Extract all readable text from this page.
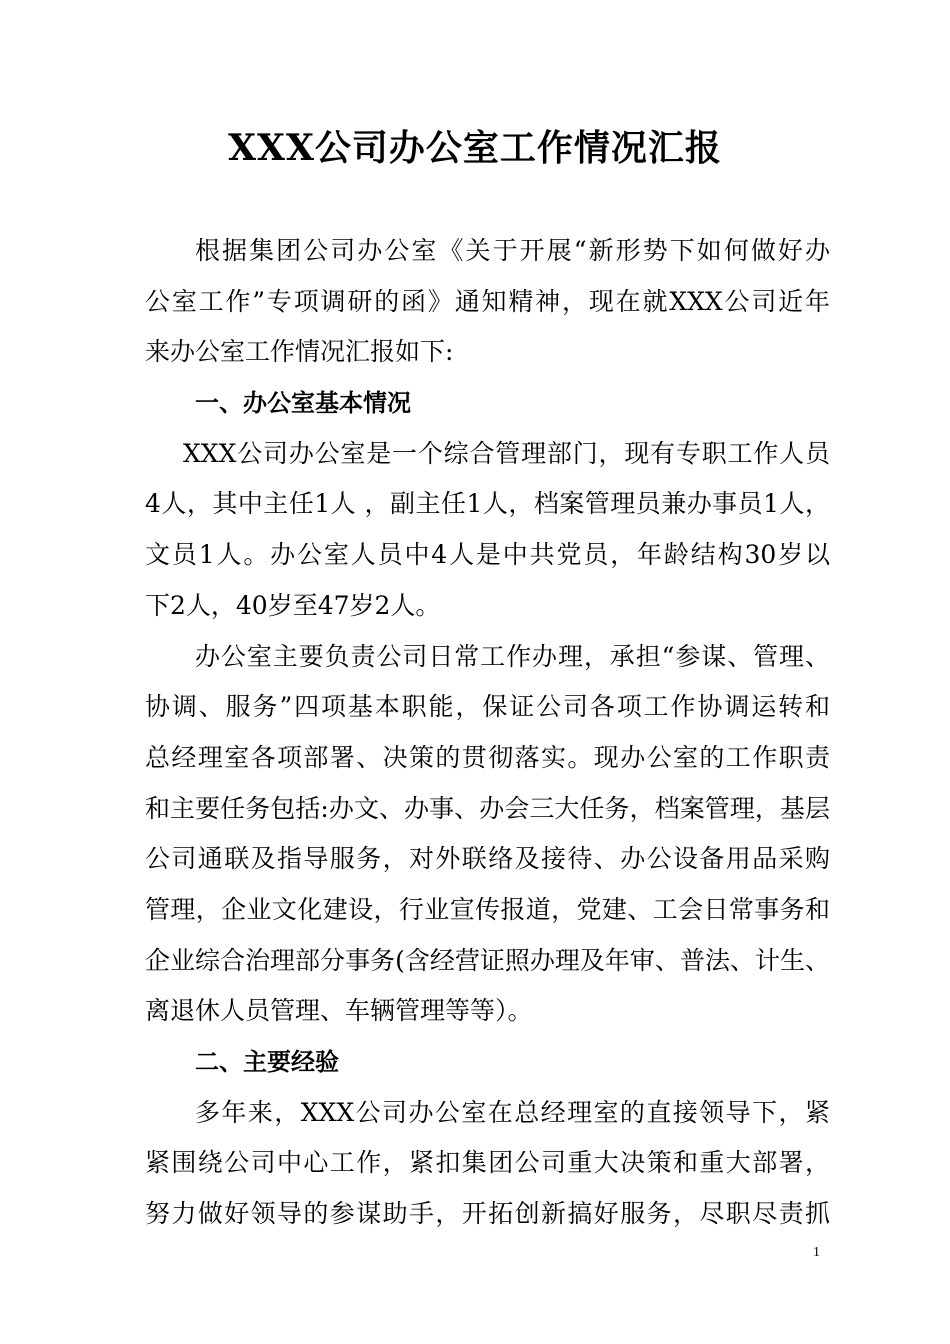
XXX公司办公室工作情况汇报
根据集团公司办公室《关于开展“新形势下如何做好办
公室工作”专项调研的函》通知精神，现在就XXX公司近年
来办公室工作情况汇报如下:
一、办公室基本情况
XXX公司办公室是一个综合管理部门，现有专职工作人员
4人，其中主任1人 ，副主任1人，档案管理员兼办事员1人，
文员1人。办公室人员中4人是中共党员，年龄结构30岁以
下2人，40岁至47岁2人。
办公室主要负责公司日常工作办理，承担“参谋、管理、
协调、服务”四项基本职能，保证公司各项工作协调运转和
总经理室各项部署、决策的贯彻落实。现办公室的工作职责
和主要任务包括:办文、办事、办会三大任务，档案管理，基层
公司通联及指导服务，对外联络及接待、办公设备用品采购
管理，企业文化建设，行业宣传报道，党建、工会日常事务和
企业综合治理部分事务(含经营证照办理及年审、普法、计生、
离退休人员管理、车辆管理等等）。
二、主要经验
多年来，XXX公司办公室在总经理室的直接领导下，紧
紧围绕公司中心工作，紧扣集团公司重大决策和重大部署，
努力做好领导的参谋助手，开拓创新搞好服务，尽职尽责抓
1
